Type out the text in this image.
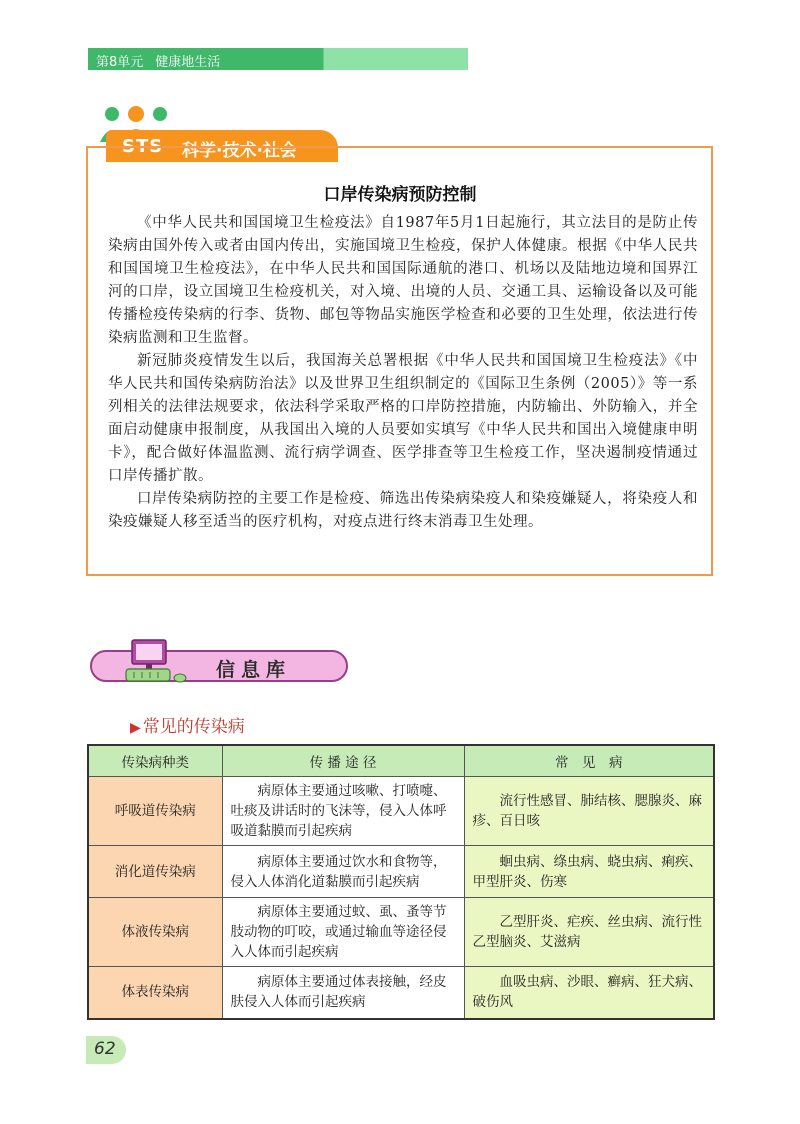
第8单元 健康地生活
STS 科学·技术·社会
口岸传染病预防控制

《中华人民共和国国境卫生检疫法》自1987年5月1日起施行，其立法目的是防止传染病由国外传入或者由国内传出，实施国境卫生检疫，保护人体健康。根据《中华人民共和国国境卫生检疫法》，在中华人民共和国国际通航的港口、机场以及陆地边境和国界江河的口岸，设立国境卫生检疫机关，对入境、出境的人员、交通工具、运输设备以及可能传播检疫传染病的行李、货物、邮包等物品实施医学检查和必要的卫生处理，依法进行传染病监测和卫生监督。

新冠肺炎疫情发生以后，我国海关总署根据《中华人民共和国国境卫生检疫法》《中华人民共和国传染病防治法》以及世界卫生组织制定的《国际卫生条例（2005）》等一系列相关的法律法规要求，依法科学采取严格的口岸防控措施，内防输出、外防输入，并全面启动健康申报制度，从我国出入境的人员要如实填写《中华人民共和国出入境健康申明卡》，配合做好体温监测、流行病学调查、医学排查等卫生检疫工作，坚决遏制疫情通过口岸传播扩散。

口岸传染病防控的主要工作是检疫、筛选出传染病染疫人和染疫嫌疑人，将染疫人和染疫嫌疑人移至适当的医疗机构，对疫点进行终末消毒卫生处理。

信息库
▶ 常见的传染病
传染病种类	传 播 途 径	常　见　病
呼吸道传染病	病原体主要通过咳嗽、打喷嚏、吐痰及讲话时的飞沫等，侵入人体呼吸道黏膜而引起疾病	流行性感冒、肺结核、腮腺炎、麻疹、百日咳
消化道传染病	病原体主要通过饮水和食物等，侵入人体消化道黏膜而引起疾病	蛔虫病、绦虫病、蛲虫病、痢疾、甲型肝炎、伤寒
体液传染病	病原体主要通过蚊、虱、蚤等节肢动物的叮咬，或通过输血等途径侵入人体而引起疾病	乙型肝炎、疟疾、丝虫病、流行性乙型脑炎、艾滋病
体表传染病	病原体主要通过体表接触，经皮肤侵入人体而引起疾病	血吸虫病、沙眼、癣病、狂犬病、破伤风
62
